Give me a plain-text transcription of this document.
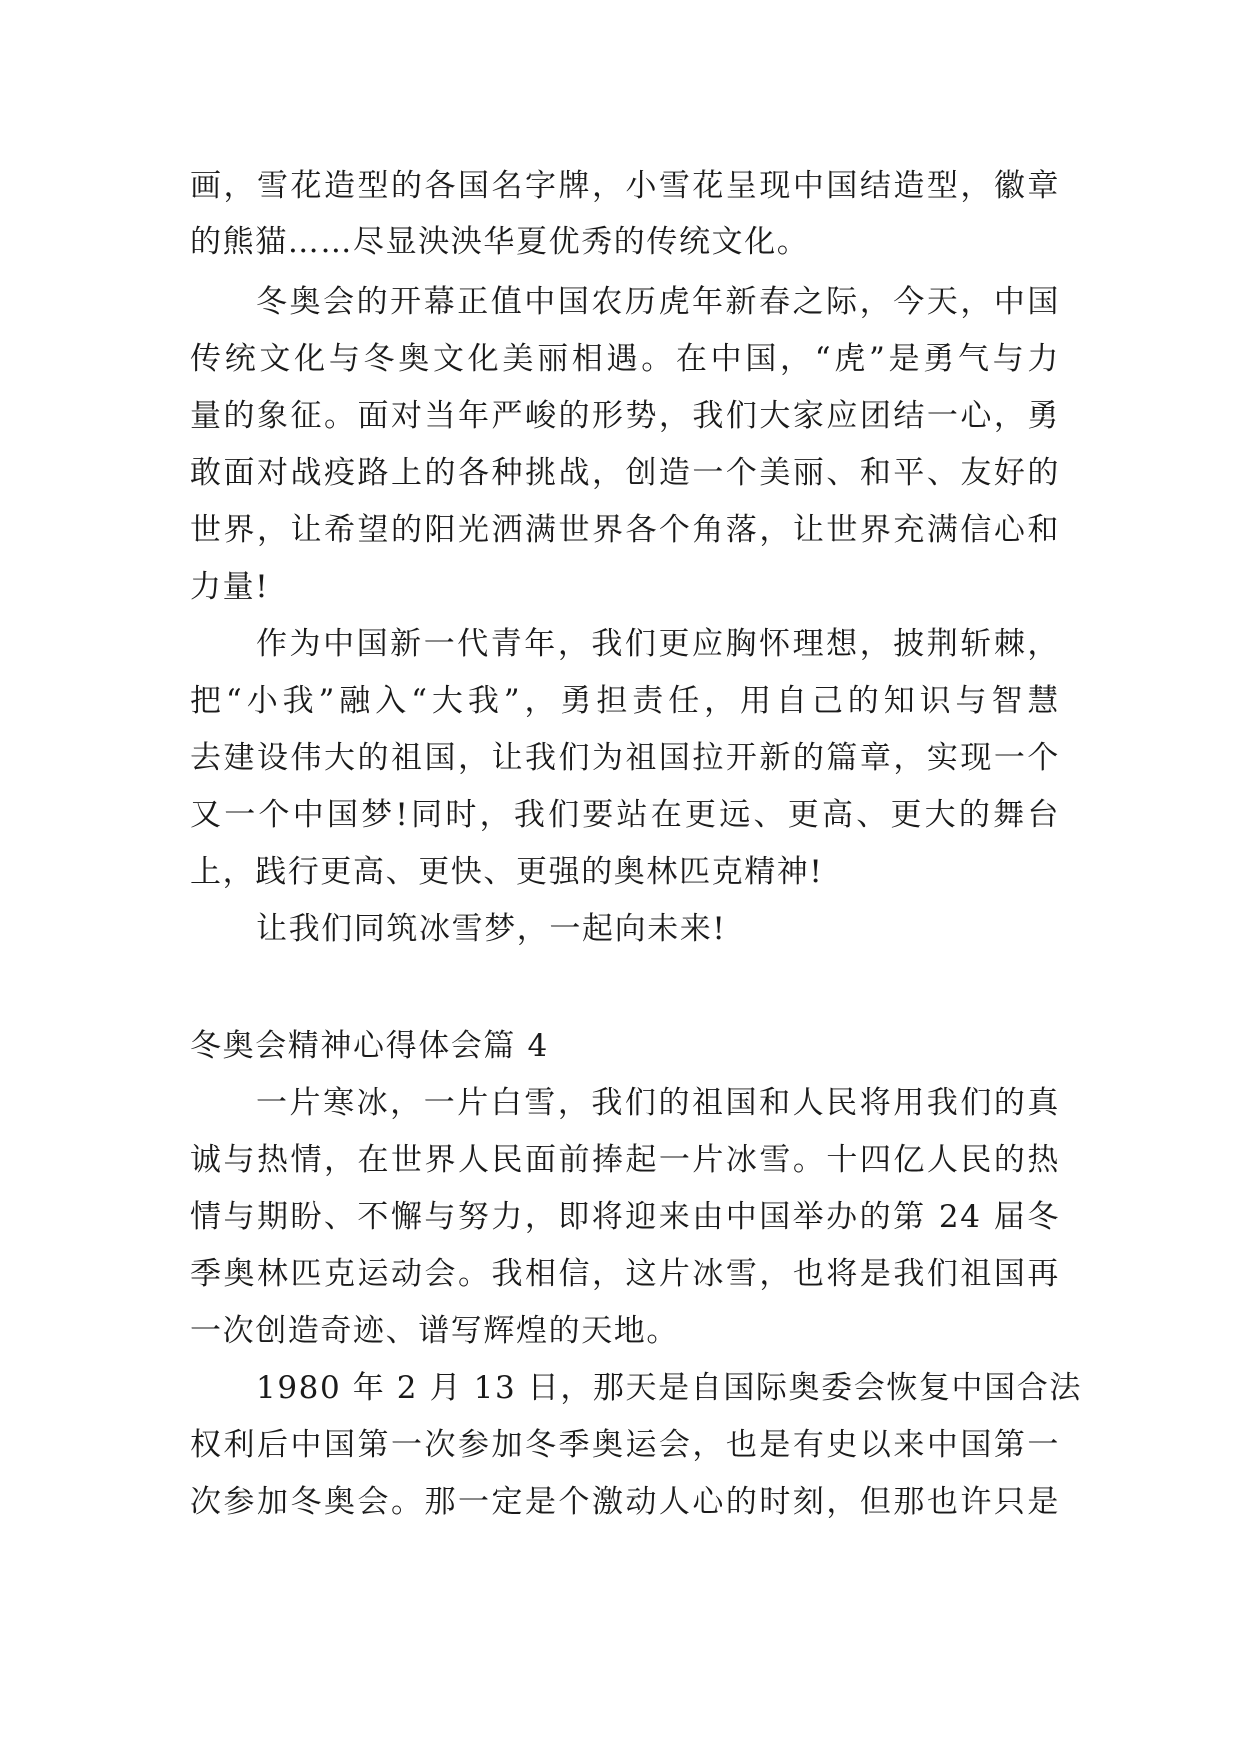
画，雪花造型的各国名字牌，小雪花呈现中国结造型，徽章
的熊猫……尽显泱泱华夏优秀的传统文化。
冬奥会的开幕正值中国农历虎年新春之际，今天，中国
传统文化与冬奥文化美丽相遇。在中国，“虎”是勇气与力
量的象征。面对当年严峻的形势，我们大家应团结一心，勇
敢面对战疫路上的各种挑战，创造一个美丽、和平、友好的
世界，让希望的阳光洒满世界各个角落，让世界充满信心和
力量!
作为中国新一代青年，我们更应胸怀理想，披荆斩棘，
把“小我”融入“大我”，勇担责任，用自己的知识与智慧
去建设伟大的祖国，让我们为祖国拉开新的篇章，实现一个
又一个中国梦!同时，我们要站在更远、更高、更大的舞台
上，践行更高、更快、更强的奥林匹克精神!
让我们同筑冰雪梦，一起向未来!
冬奥会精神心得体会篇 4
一片寒冰，一片白雪，我们的祖国和人民将用我们的真
诚与热情，在世界人民面前捧起一片冰雪。十四亿人民的热
情与期盼、不懈与努力，即将迎来由中国举办的第 24 届冬
季奥林匹克运动会。我相信，这片冰雪，也将是我们祖国再
一次创造奇迹、谱写辉煌的天地。
1980 年 2 月 13 日，那天是自国际奥委会恢复中国合法
权利后中国第一次参加冬季奥运会，也是有史以来中国第一
次参加冬奥会。那一定是个激动人心的时刻，但那也许只是
